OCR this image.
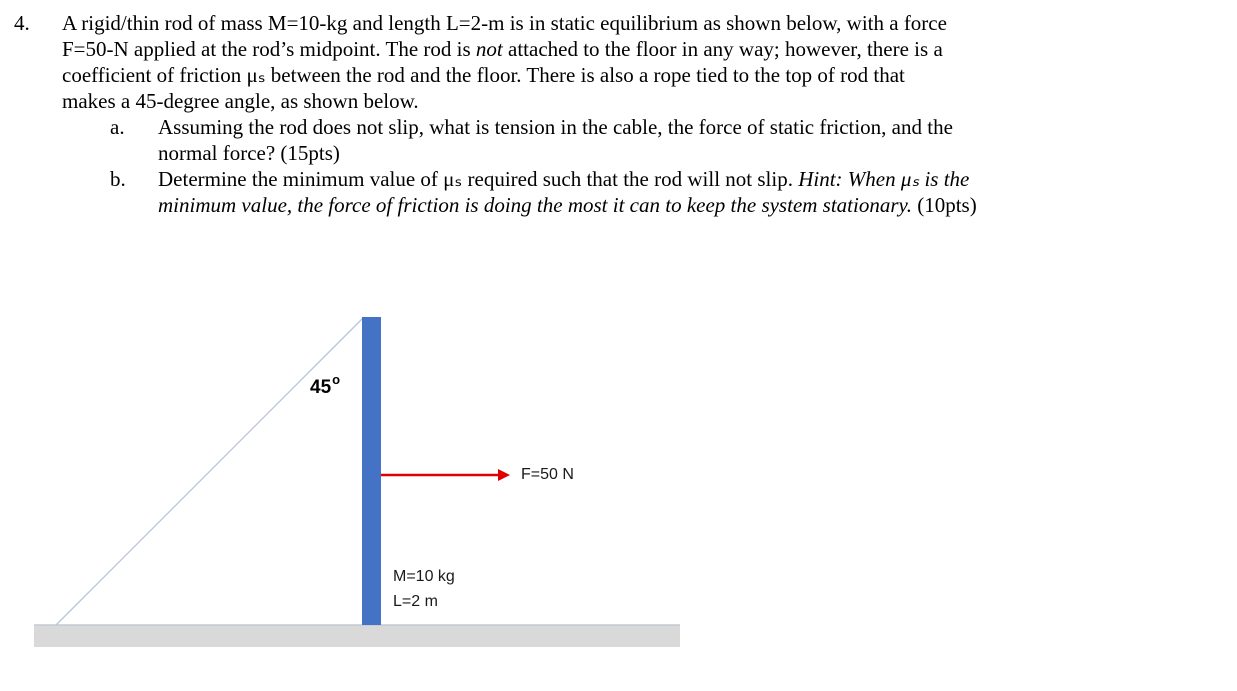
4. A rigid/thin rod of mass M=10-kg and length L=2-m is in static equilibrium as shown below, with a force
F=50-N applied at the rod’s midpoint. The rod is not attached to the floor in any way; however, there is a
coefficient of friction μₛ between the rod and the floor. There is also a rope tied to the top of rod that
makes a 45-degree angle, as shown below.
a. Assuming the rod does not slip, what is tension in the cable, the force of static friction, and the
normal force? (15pts)
b. Determine the minimum value of μₛ required such that the rod will not slip. Hint: When μₛ is the
minimum value, the force of friction is doing the most it can to keep the system stationary. (10pts)
45$^o$
F=50 N
M=10 kg
L=2 m
